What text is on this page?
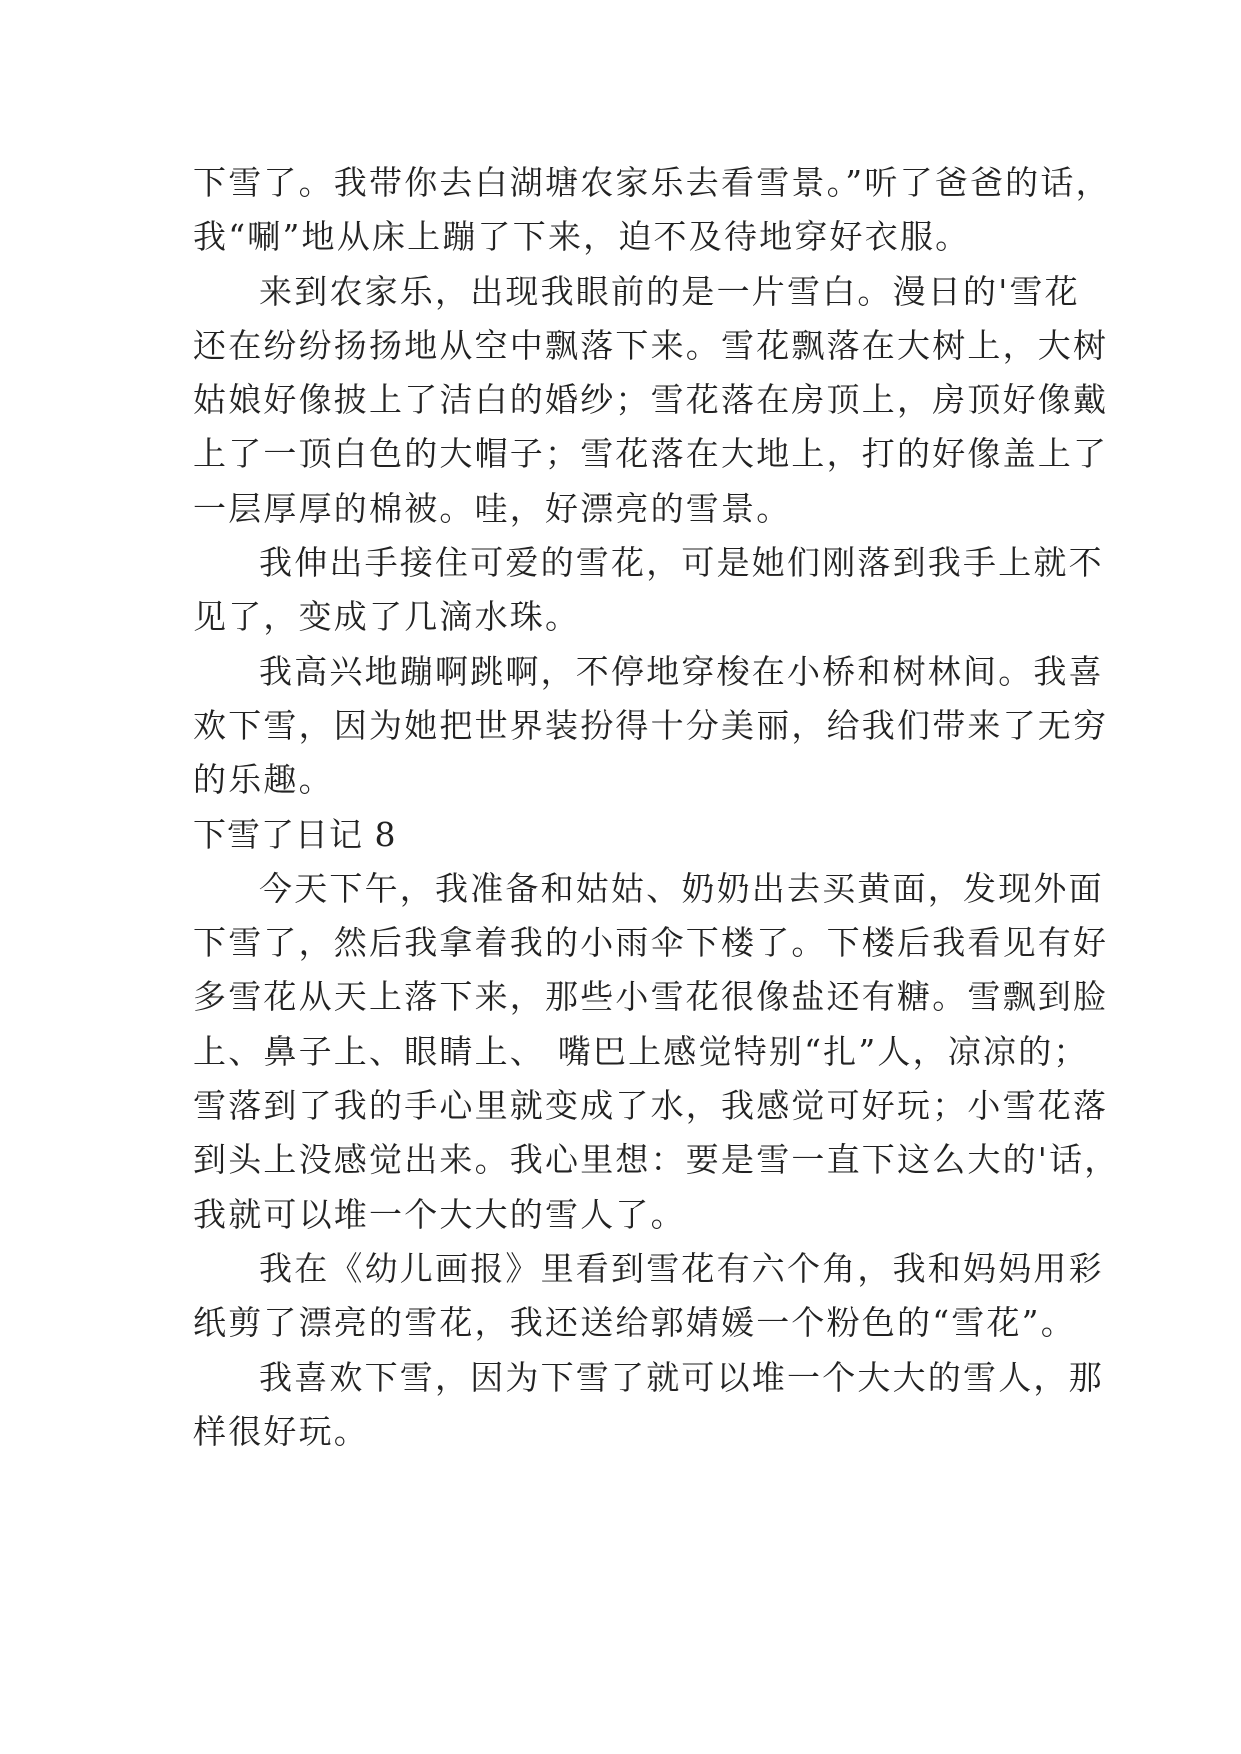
下雪了。我带你去白湖塘农家乐去看雪景。”听了爸爸的话，
我“唰”地从床上蹦了下来，迫不及待地穿好衣服。
来到农家乐，出现我眼前的是一片雪白。漫日的'雪花
还在纷纷扬扬地从空中飘落下来。雪花飘落在大树上，大树
姑娘好像披上了洁白的婚纱；雪花落在房顶上，房顶好像戴
上了一顶白色的大帽子；雪花落在大地上，打的好像盖上了
一层厚厚的棉被。哇，好漂亮的雪景。
我伸出手接住可爱的雪花，可是她们刚落到我手上就不
见了，变成了几滴水珠。
我高兴地蹦啊跳啊，不停地穿梭在小桥和树林间。我喜
欢下雪，因为她把世界装扮得十分美丽，给我们带来了无穷
的乐趣。
下雪了日记 8
今天下午，我准备和姑姑、奶奶出去买黄面，发现外面
下雪了，然后我拿着我的小雨伞下楼了。下楼后我看见有好
多雪花从天上落下来，那些小雪花很像盐还有糖。雪飘到脸
上、鼻子上、眼睛上、 嘴巴上感觉特别“扎”人，凉凉的；
雪落到了我的手心里就变成了水，我感觉可好玩；小雪花落
到头上没感觉出来。我心里想：要是雪一直下这么大的'话，
我就可以堆一个大大的雪人了。
我在《幼儿画报》里看到雪花有六个角，我和妈妈用彩
纸剪了漂亮的雪花，我还送给郭婧媛一个粉色的“雪花”。
我喜欢下雪，因为下雪了就可以堆一个大大的雪人，那
样很好玩。
